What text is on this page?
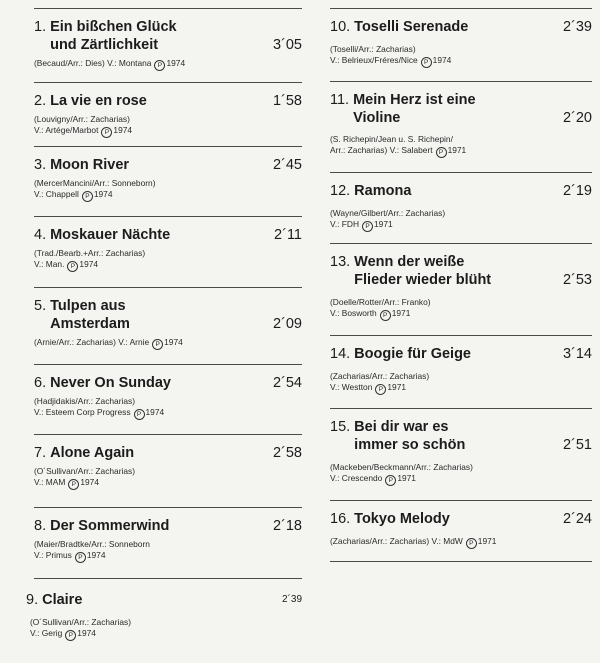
1. Ein bißchen Glück
und Zärtlichkeit	3´05
(Becaud/Arr.: Dies) V.: Montana P 1974
2. La vie en rose	1´58
(Louvigny/Arr.: Zacharias)
V.: Artége/Marbot P 1974
3. Moon River	2´45
(MercerMancini/Arr.: Sonneborn)
V.: Chappell P 1974
4. Moskauer Nächte	2´11
(Trad./Bearb.+Arr.: Zacharias)
V.: Man. P 1974
5. Tulpen aus
Amsterdam	2´09
(Arnie/Arr.: Zacharias) V.: Arnie P 1974
6. Never On Sunday	2´54
(Hadjidakis/Arr.: Zacharias)
V.: Esteem Corp Progress P 1974
7. Alone Again	2´58
(O´Sullivan/Arr.: Zacharias)
V.: MAM P 1974
8. Der Sommerwind	2´18
(Maier/Bradtke/Arr.: Sonneborn
V.: Primus P 1974
9. Claire	2´39
(O´Sullivan/Arr.: Zacharias)
V.: Gerig P 1974
10. Toselli Serenade	2´39
(Toselli/Arr.: Zacharias)
V.: Belrieux/Fréres/Nice P 1974
11. Mein Herz ist eine
Violine	2´20
(S. Richepin/Jean u. S. Richepin/
Arr.: Zacharias) V.: Salabert P 1971
12. Ramona	2´19
(Wayne/Gilbert/Arr.: Zacharias)
V.: FDH P 1971
13. Wenn der weiße
Flieder wieder blüht	2´53
(Doelle/Rotter/Arr.: Franko)
V.: Bosworth P 1971
14. Boogie für Geige	3´14
(Zacharias/Arr.: Zacharias)
V.: Westton P 1971
15. Bei dir war es
immer so schön	2´51
(Mackeben/Beckmann/Arr.: Zacharias)
V.: Crescendo P 1971
16. Tokyo Melody	2´24
(Zacharias/Arr.: Zacharias) V.: MdW P 1971
